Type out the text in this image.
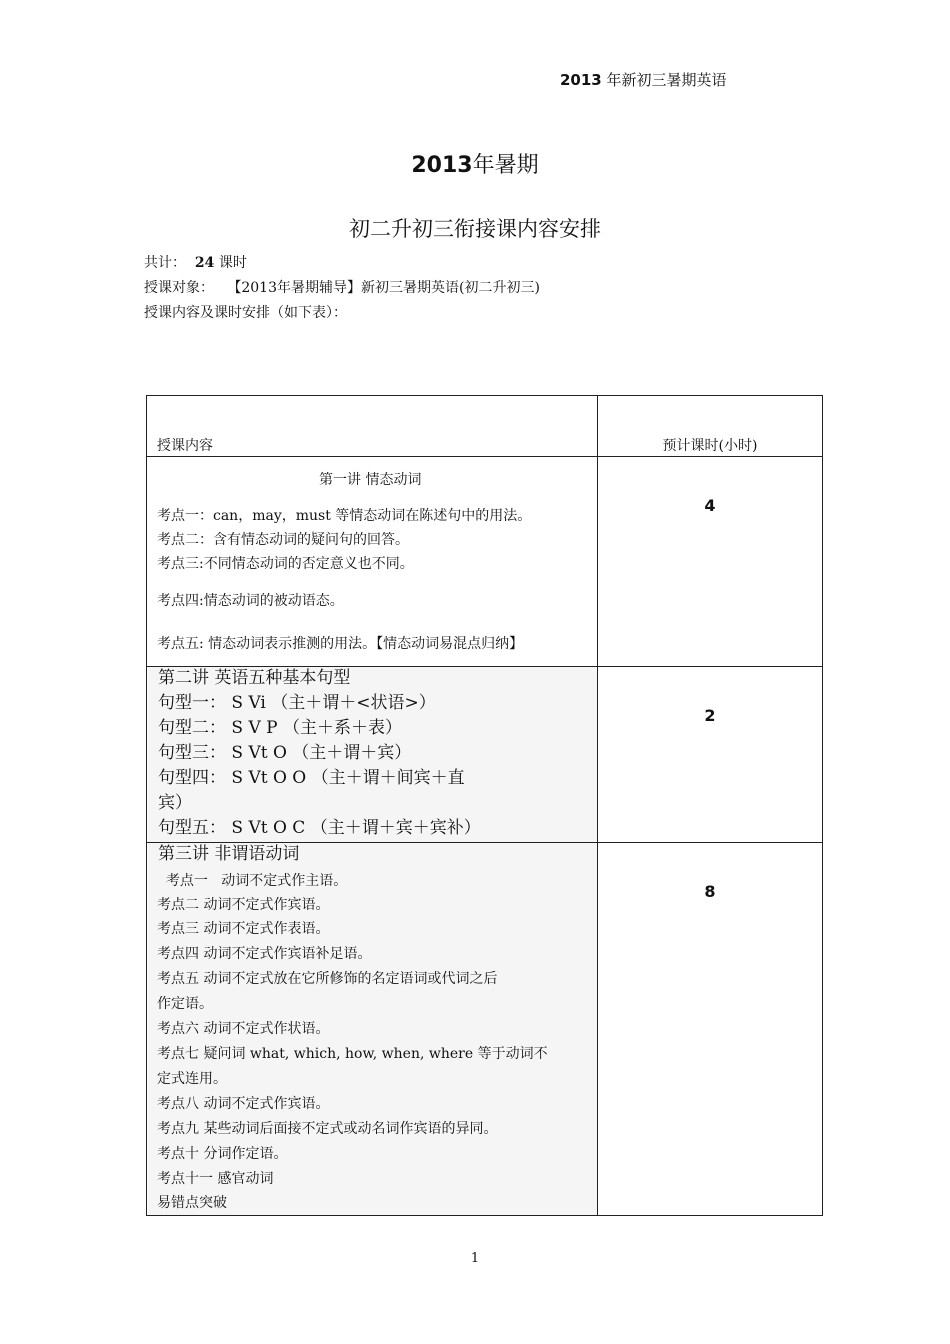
2013 年新初三暑期英语
2013年暑期
初二升初三衔接课内容安排
共计： 24 课时
授课对象： 【2013年暑期辅导】新初三暑期英语(初二升初三)
授课内容及课时安排（如下表）：
授课内容	预计课时(小时)
第一讲 情态动词
考点一：can，may，must 等情态动词在陈述句中的用法。
考点二：含有情态动词的疑问句的回答。
考点三:不同情态动词的否定意义也不同。
考点四:情态动词的被动语态。
考点五: 情态动词表示推测的用法。【情态动词易混点归纳】
4
第二讲 英语五种基本句型
句型一： S Vi （主＋谓＋<状语>）
句型二： S V P （主＋系＋表）
句型三： S Vt O （主＋谓＋宾）
句型四： S Vt O O （主＋谓＋间宾＋直
宾）
句型五： S Vt O C （主＋谓＋宾＋宾补）
2
第三讲 非谓语动词
考点一   动词不定式作主语。
考点二 动词不定式作宾语。
考点三 动词不定式作表语。
考点四 动词不定式作宾语补足语。
考点五 动词不定式放在它所修饰的名定语词或代词之后
作定语。
考点六 动词不定式作状语。
考点七 疑问词 what, which, how, when, where 等于动词不
定式连用。
考点八 动词不定式作宾语。
考点九 某些动词后面接不定式或动名词作宾语的异同。
考点十 分词作定语。
考点十一 感官动词
易错点突破
8
1
